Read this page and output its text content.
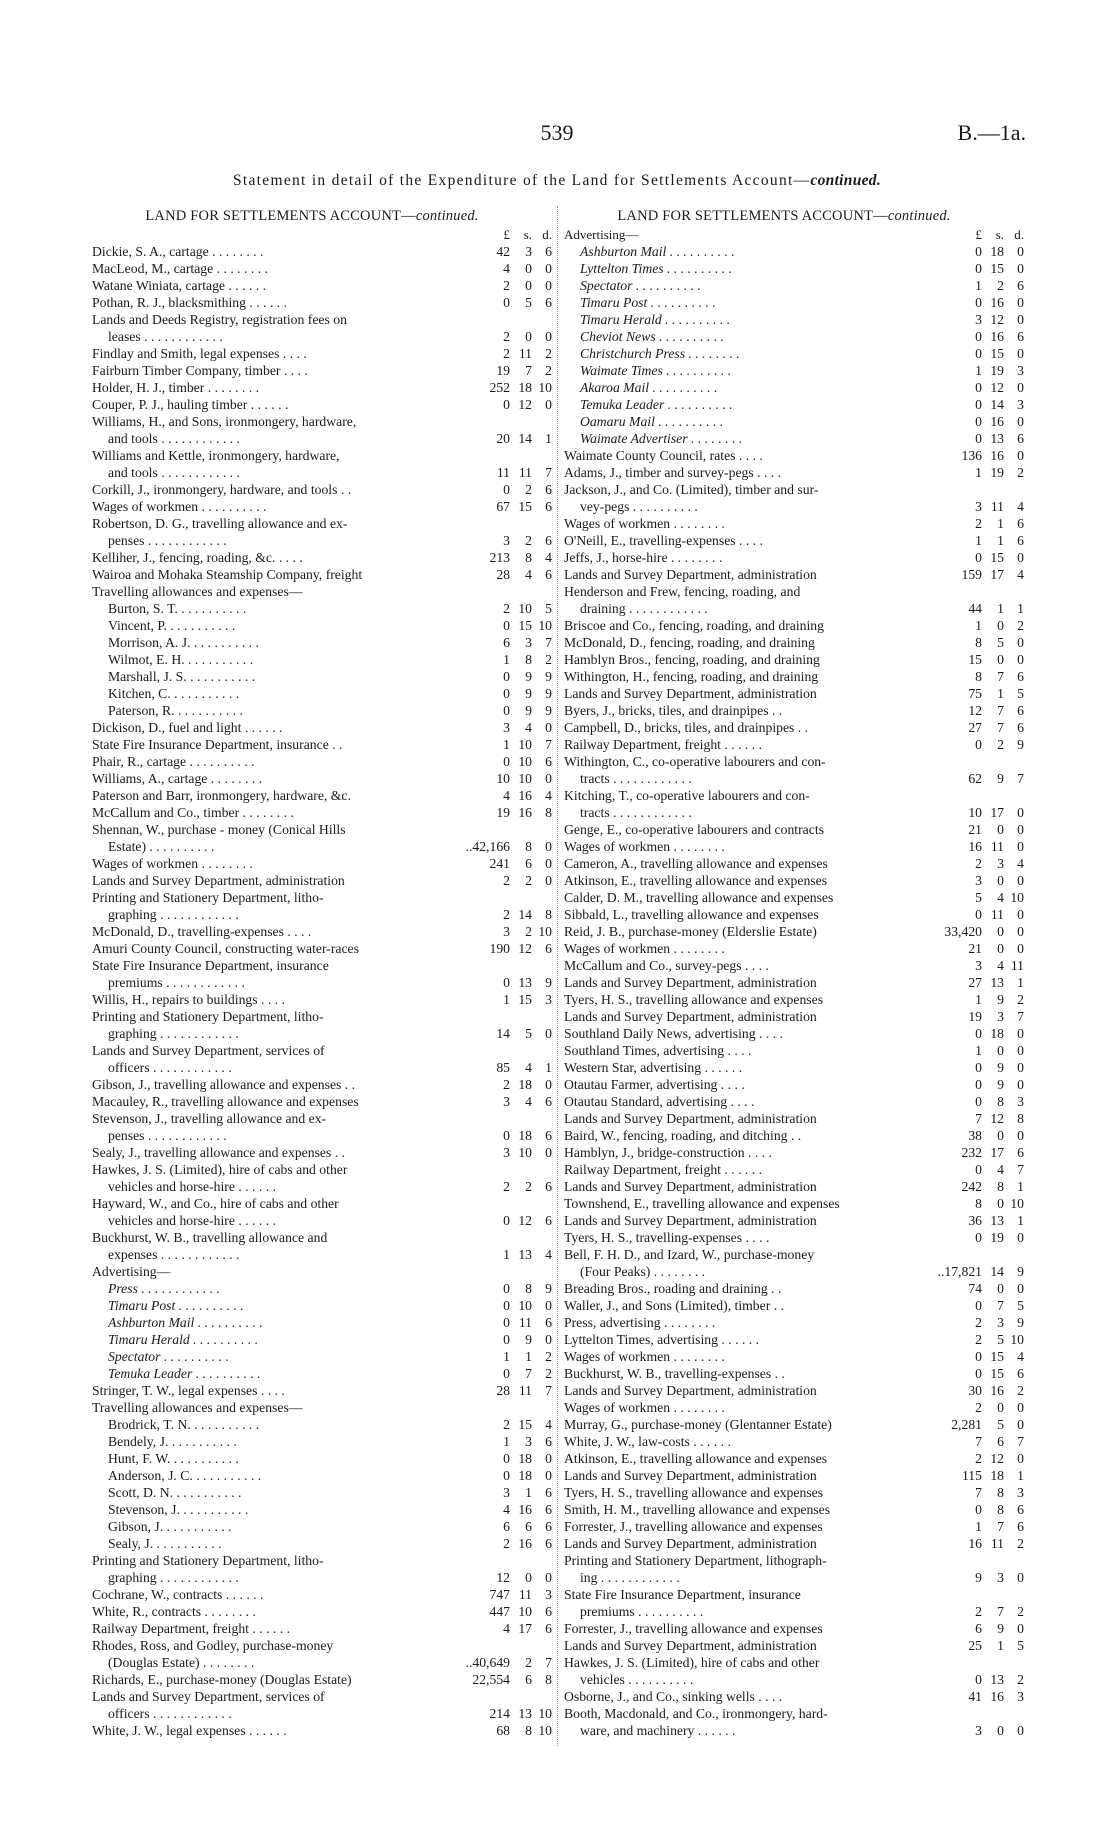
539	B.—1a.
Statement in detail of the Expenditure of the Land for Settlements Account—continued.
LAND FOR SETTLEMENTS ACCOUNT—continued.
£	s. d.
Dickie, S. A., cartage . . . . . . . .	42	3 6
MacLeod, M., cartage . . . . . . . .	4	0 0
Watane Winiata, cartage . . . . . .	2	0 0
Pothan, R. J., blacksmithing . . . . . .	0	5 6
Lands and Deeds Registry, registration fees on
leases . . . . . . . . . . . .	2	0 0
Findlay and Smith, legal expenses . . . .	2 11 2
Fairburn Timber Company, timber . . . .	19	7 2
Holder, H. J., timber . . . . . . . .	252 18 10
Couper, P. J., hauling timber . . . . . .	0 12 0
Williams, H., and Sons, ironmongery, hardware,
and tools . . . . . . . . . . . .	20 14 1
Williams and Kettle, ironmongery, hardware,
and tools . . . . . . . . . . . .	11 11 7
Corkill, J., ironmongery, hardware, and tools . .	0	2 6
Wages of workmen . . . . . . . . . .	67 15 6
Robertson, D. G., travelling allowance and ex-
penses . . . . . . . . . . . .	3	2 6
Kelliher, J., fencing, roading, &c. . . . .	213	8 4
Wairoa and Mohaka Steamship Company, freight	28	4 6
Travelling allowances and expenses—
Burton, S. T. . . . . . . . . . .	2 10 5
Vincent, P. . . . . . . . . . .	0 15 10
Morrison, A. J. . . . . . . . . . .	6	3 7
Wilmot, E. H. . . . . . . . . . .	1	8 2
Marshall, J. S. . . . . . . . . . .	0	9 9
Kitchen, C. . . . . . . . . . .	0	9 9
Paterson, R. . . . . . . . . . .	0	9 9
Dickison, D., fuel and light . . . . . .	3	4 0
State Fire Insurance Department, insurance . .	1 10 7
Phair, R., cartage . . . . . . . . . .	0 10 6
Williams, A., cartage . . . . . . . .	10 10 0
Paterson and Barr, ironmongery, hardware, &c.	4 16 4
McCallum and Co., timber . . . . . . . .	19 16 8
Shennan, W., purchase - money (Conical Hills
Estate) . . . . . . . . . .	..42,166	8 0
Wages of workmen . . . . . . . .	241	6 0
Lands and Survey Department, administration	2	2 0
Printing and Stationery Department, litho-
graphing . . . . . . . . . . . .	2 14 8
McDonald, D., travelling-expenses . . . .	3	2 10
Amuri County Council, constructing water-races	190 12 6
State Fire Insurance Department, insurance
premiums . . . . . . . . . . . .	0 13 9
Willis, H., repairs to buildings . . . .	1 15 3
Printing and Stationery Department, litho-
graphing . . . . . . . . . . . .	14	5 0
Lands and Survey Department, services of
officers . . . . . . . . . . . .	85	4 1
Gibson, J., travelling allowance and expenses . .	2 18 0
Macauley, R., travelling allowance and expenses	3	4 6
Stevenson, J., travelling allowance and ex-
penses . . . . . . . . . . . .	0 18 6
Sealy, J., travelling allowance and expenses . .	3 10 0
Hawkes, J. S. (Limited), hire of cabs and other
vehicles and horse-hire . . . . . .	2	2 6
Hayward, W., and Co., hire of cabs and other
vehicles and horse-hire . . . . . .	0 12 6
Buckhurst, W. B., travelling allowance and
expenses . . . . . . . . . . . .	1 13 4
Advertising—
Press . . . . . . . . . . . .	0	8 9
Timaru Post . . . . . . . . . .	0 10 0
Ashburton Mail . . . . . . . . . .	0 11 6
Timaru Herald . . . . . . . . . .	0	9 0
Spectator . . . . . . . . . .	1	1 2
Temuka Leader . . . . . . . . . .	0	7 2
Stringer, T. W., legal expenses . . . .	28 11 7
Travelling allowances and expenses—
Brodrick, T. N. . . . . . . . . . .	2 15 4
Bendely, J. . . . . . . . . . .	1	3 6
Hunt, F. W. . . . . . . . . . .	0 18 0
Anderson, J. C. . . . . . . . . . .	0 18 0
Scott, D. N. . . . . . . . . . .	3	1 6
Stevenson, J. . . . . . . . . . .	4 16 6
Gibson, J. . . . . . . . . . .	6	6 6
Sealy, J. . . . . . . . . . .	2 16 6
Printing and Stationery Department, litho-
graphing . . . . . . . . . . . .	12	0 0
Cochrane, W., contracts . . . . . .	747 11 3
White, R., contracts . . . . . . . .	447 10 6
Railway Department, freight . . . . . .	4 17 6
Rhodes, Ross, and Godley, purchase-money
(Douglas Estate) . . . . . . . .	..40,649	2 7
Richards, E., purchase-money (Douglas Estate)	22,554	6 8
Lands and Survey Department, services of
officers . . . . . . . . . . . .	214 13 10
White, J. W., legal expenses . . . . . .	68	8 10
LAND FOR SETTLEMENTS ACCOUNT—continued.
Advertising—	£	s. d.
Ashburton Mail . . . . . . . . . .	0 18 0
Lyttelton Times . . . . . . . . . .	0 15 0
Spectator . . . . . . . . . .	1	2 6
Timaru Post . . . . . . . . . .	0 16 0
Timaru Herald . . . . . . . . . .	3 12 0
Cheviot News . . . . . . . . . .	0 16 6
Christchurch Press . . . . . . . .	0 15 0
Waimate Times . . . . . . . . . .	1 19 3
Akaroa Mail . . . . . . . . . .	0 12 0
Temuka Leader . . . . . . . . . .	0 14 3
Oamaru Mail . . . . . . . . . .	0 16 0
Waimate Advertiser . . . . . . . .	0 13 6
Waimate County Council, rates . . . .	136 16 0
Adams, J., timber and survey-pegs . . . .	1 19 2
Jackson, J., and Co. (Limited), timber and sur-
vey-pegs . . . . . . . . . .	3 11 4
Wages of workmen . . . . . . . .	2	1 6
O'Neill, E., travelling-expenses . . . .	1	1 6
Jeffs, J., horse-hire . . . . . . . .	0 15 0
Lands and Survey Department, administration	159 17 4
Henderson and Frew, fencing, roading, and
draining . . . . . . . . . . . .	44	1 1
Briscoe and Co., fencing, roading, and draining	1	0 2
McDonald, D., fencing, roading, and draining	8	5 0
Hamblyn Bros., fencing, roading, and draining	15	0 0
Withington, H., fencing, roading, and draining	8	7 6
Lands and Survey Department, administration	75	1 5
Byers, J., bricks, tiles, and drainpipes . .	12	7 6
Campbell, D., bricks, tiles, and drainpipes . .	27	7 6
Railway Department, freight . . . . . .	0	2 9
Withington, C., co-operative labourers and con-
tracts . . . . . . . . . . . .	62	9 7
Kitching, T., co-operative labourers and con-
tracts . . . . . . . . . . . .	10 17 0
Genge, E., co-operative labourers and contracts	21	0 0
Wages of workmen . . . . . . . .	16 11 0
Cameron, A., travelling allowance and expenses	2	3 4
Atkinson, E., travelling allowance and expenses	3	0 0
Calder, D. M., travelling allowance and expenses	5	4 10
Sibbald, L., travelling allowance and expenses	0 11 0
Reid, J. B., purchase-money (Elderslie Estate)	33,420	0 0
Wages of workmen . . . . . . . .	21	0 0
McCallum and Co., survey-pegs . . . .	3	4 11
Lands and Survey Department, administration	27 13 1
Tyers, H. S., travelling allowance and expenses	1	9 2
Lands and Survey Department, administration	19	3 7
Southland Daily News, advertising . . . .	0 18 0
Southland Times, advertising . . . .	1	0 0
Western Star, advertising . . . . . .	0	9 0
Otautau Farmer, advertising . . . .	0	9 0
Otautau Standard, advertising . . . .	0	8 3
Lands and Survey Department, administration	7 12 8
Baird, W., fencing, roading, and ditching . .	38	0 0
Hamblyn, J., bridge-construction . . . .	232 17 6
Railway Department, freight . . . . . .	0	4 7
Lands and Survey Department, administration	242	8 1
Townshend, E., travelling allowance and expenses	8	0 10
Lands and Survey Department, administration	36 13 1
Tyers, H. S., travelling-expenses . . . .	0 19 0
Bell, F. H. D., and Izard, W., purchase-money
(Four Peaks) . . . . . . . .	..17,821 14 9
Breading Bros., roading and draining . .	74	0 0
Waller, J., and Sons (Limited), timber . .	0	7 5
Press, advertising . . . . . . . .	2	3 9
Lyttelton Times, advertising . . . . . .	2	5 10
Wages of workmen . . . . . . . .	0 15 4
Buckhurst, W. B., travelling-expenses . .	0 15 6
Lands and Survey Department, administration	30 16 2
Wages of workmen . . . . . . . .	2	0 0
Murray, G., purchase-money (Glentanner Estate)	2,281	5 0
White, J. W., law-costs . . . . . .	7	6 7
Atkinson, E., travelling allowance and expenses	2 12 0
Lands and Survey Department, administration	115 18 1
Tyers, H. S., travelling allowance and expenses	7	8 3
Smith, H. M., travelling allowance and expenses	0	8 6
Forrester, J., travelling allowance and expenses	1	7 6
Lands and Survey Department, administration	16 11 2
Printing and Stationery Department, lithograph-
ing . . . . . . . . . . . .	9	3 0
State Fire Insurance Department, insurance
premiums . . . . . . . . . .	2	7 2
Forrester, J., travelling allowance and expenses	6	9 0
Lands and Survey Department, administration	25	1 5
Hawkes, J. S. (Limited), hire of cabs and other
vehicles . . . . . . . . . .	0 13 2
Osborne, J., and Co., sinking wells . . . .	41 16 3
Booth, Macdonald, and Co., ironmongery, hard-
ware, and machinery . . . . . .	3	0 0
